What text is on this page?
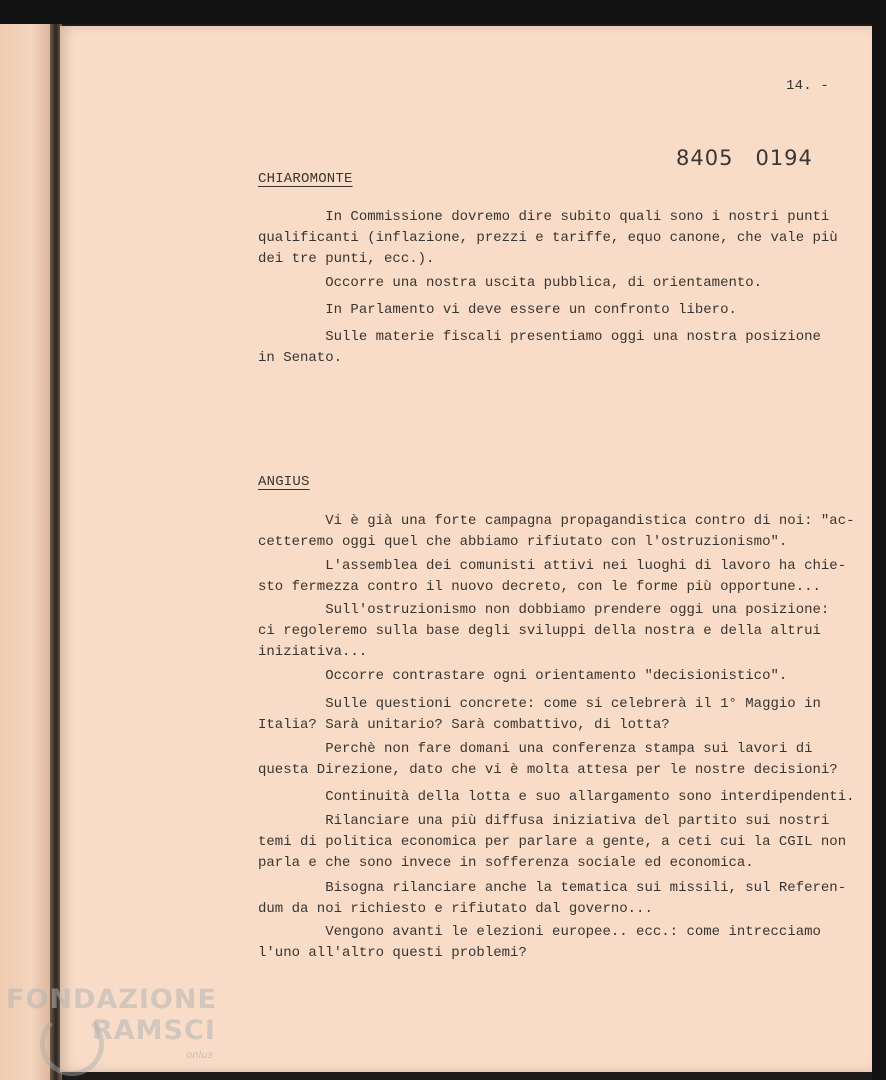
14. -
8405 0194
CHIAROMONTE
In Commissione dovremo dire subito quali sono i nostri punti
qualificanti (inflazione, prezzi e tariffe, equo canone, che vale
dei tre punti, ecc.).
Occorre una nostra uscita pubblica, di orientamento.
In Parlamento vi deve essere un confronto libero.
Sulle materie fiscali presentiamo oggi una nostra posizione
in Senato.
ANGIUS
Vi è già una forte campagna propagandistica contro di noi:
cetteremo oggi quel che abbiamo rifiutato con l'ostruzionismo".
L'assemblea dei comunisti attivi nei luoghi di lavoro ha
sto fermezza contro il nuovo decreto, con le forme più opportune...
Sull'ostruzionismo non dobbiamo prendere oggi una posizione:
ci regoleremo sulla base degli sviluppi della nostra e della altrui
iniziativa...
Occorre contrastare ogni orientamento "decisionistico".
Sulle questioni concrete: come si celebrerà il 1° Maggio in
Italia? Sarà unitario? Sarà combattivo, di lotta?
Perchè non fare domani una conferenza stampa sui lavori di
questa Direzione, dato che vi è molta attesa per le nostre decisioni?
Continuità della lotta e suo allargamento sono interdipendenti.
Rilanciare una più diffusa iniziativa del partito sui nostri
temi di politica economica per parlare a gente, a ceti cui la CGIL
parla e che sono invece in sofferenza sociale ed economica.
Bisogna rilanciare anche la tematica sui missili, sul Referen-
dum da noi richiesto e rifiutato dal governo...
Vengono avanti le elezioni europee.. ecc.: come intrecciamo
l'uno all'altro questi problemi?
FONDAZIONE
RAMSCI
onlus
